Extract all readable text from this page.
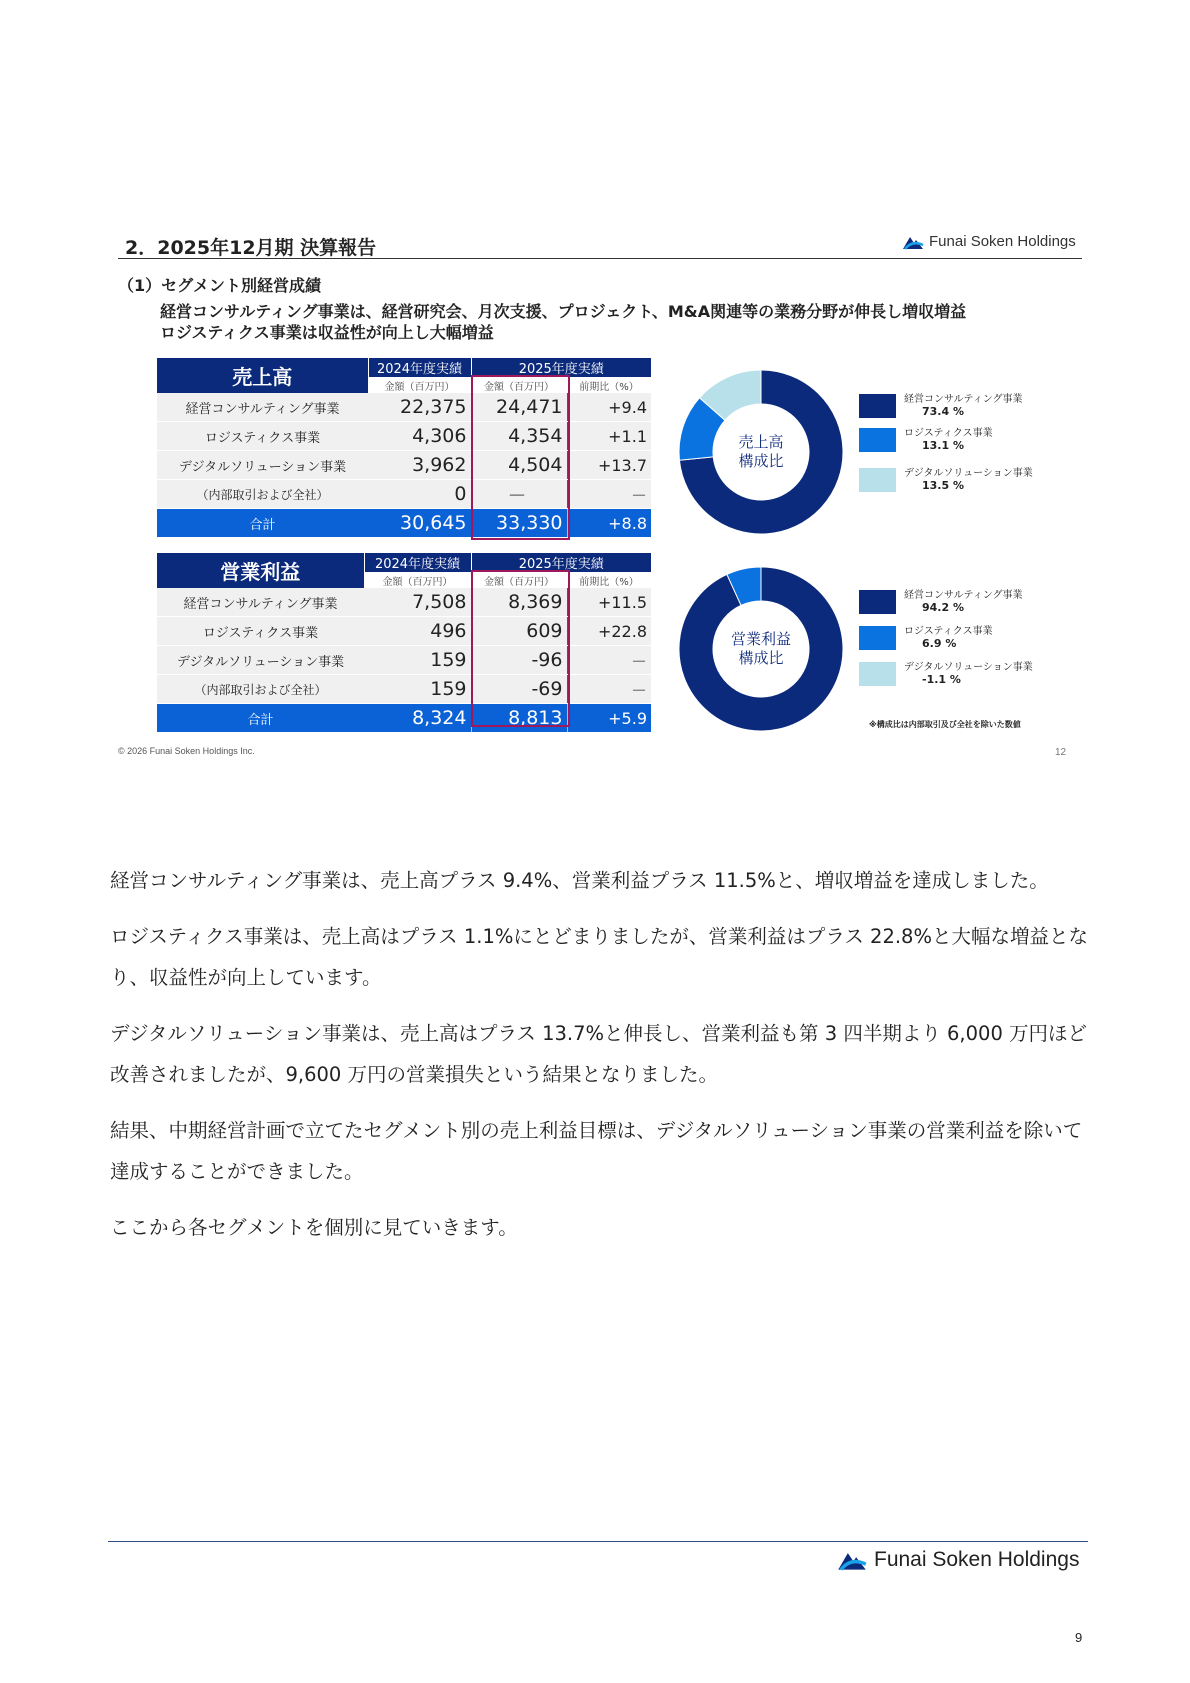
2．2025年12月期 決算報告	Funai Soken Holdings
（1）セグメント別経営成績
経営コンサルティング事業は、経営研究会、月次支援、プロジェクト、M&A関連等の業務分野が伸長し増収増益
ロジスティクス事業は収益性が向上し大幅増益
売上高	2024年度実績	2025年度実績	
	金額（百万円）	金額（百万円）	前期比（%）
経営コンサルティング事業	22,375	24,471	+9.4
ロジスティクス事業	4,306	4,354	+1.1
デジタルソリューション事業	3,962	4,504	+13.7
（内部取引および全社）	0	－	－
合計	30,645	33,330	+8.8
営業利益	2024年度実績	2025年度実績	
	金額（百万円）	金額（百万円）	前期比（%）
経営コンサルティング事業	7,508	8,369	+11.5
ロジスティクス事業	496	609	+22.8
デジタルソリューション事業	159	-96	－
（内部取引および全社）	159	-69	－
合計	8,324	8,813	+5.9
売上高
構成比
営業利益
構成比
経営コンサルティング事業
73.4 %
ロジスティクス事業
13.1 %
デジタルソリューション事業
13.5 %
経営コンサルティング事業
94.2 %
ロジスティクス事業
6.9 %
デジタルソリューション事業
-1.1 %
※構成比は内部取引及び全社を除いた数値
© 2026 Funai Soken Holdings Inc.	12

経営コンサルティング事業は、売上高プラス 9.4%、営業利益プラス 11.5%と、増収増益を達成しました。

ロジスティクス事業は、売上高はプラス 1.1%にとどまりましたが、営業利益はプラス 22.8%と大幅な増益となり、収益性が向上しています。

デジタルソリューション事業は、売上高はプラス 13.7%と伸長し、営業利益も第 3 四半期より 6,000 万円ほど改善されましたが、9,600 万円の営業損失という結果となりました。

結果、中期経営計画で立てたセグメント別の売上利益目標は、デジタルソリューション事業の営業利益を除いて達成することができました。

ここから各セグメントを個別に見ていきます。

Funai Soken Holdings
9
